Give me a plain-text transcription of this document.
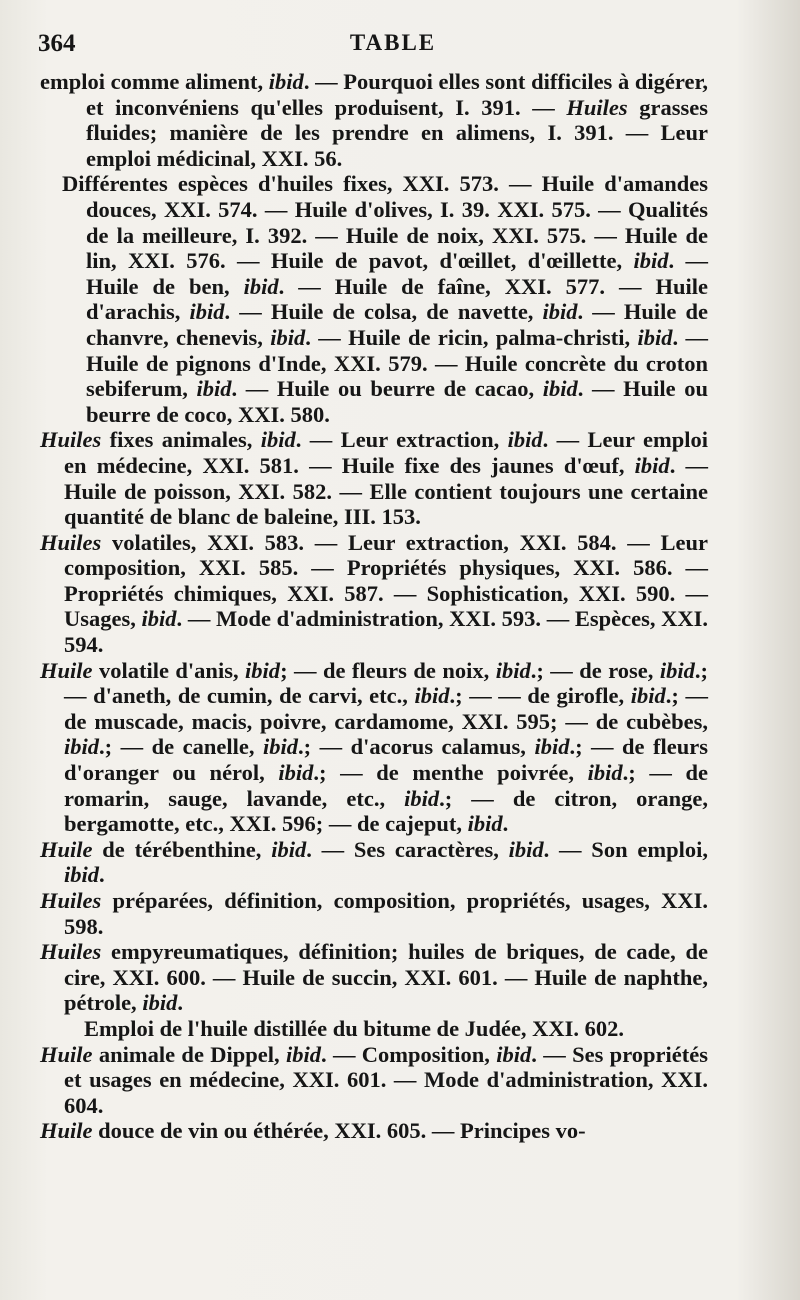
364	TABLE

emploi comme aliment, ibid. — Pourquoi elles sont difficiles à digérer, et inconvéniens qu'elles produisent, I. 391. — Huiles grasses fluides; manière de les prendre en alimens, I. 391. — Leur emploi médicinal, XXI. 56.

Différentes espèces d'huiles fixes, XXI. 573. — Huile d'amandes douces, XXI. 574. — Huile d'olives, I. 39. XXI. 575. — Qualités de la meilleure, I. 392. — Huile de noix, XXI. 575. — Huile de lin, XXI. 576. — Huile de pavot, d'œillet, d'œillette, ibid. — Huile de ben, ibid. — Huile de faîne, XXI. 577. — Huile d'arachis, ibid. — Huile de colsa, de navette, ibid. — Huile de chanvre, chenevis, ibid. — Huile de ricin, palma-christi, ibid. — Huile de pignons d'Inde, XXI. 579. — Huile concrète du croton sebiferum, ibid. — Huile ou beurre de cacao, ibid. — Huile ou beurre de coco, XXI. 580.

Huiles fixes animales, ibid. — Leur extraction, ibid. — Leur emploi en médecine, XXI. 581. — Huile fixe des jaunes d'œuf, ibid. — Huile de poisson, XXI. 582. — Elle contient toujours une certaine quantité de blanc de baleine, III. 153.

Huiles volatiles, XXI. 583. — Leur extraction, XXI. 584. — Leur composition, XXI. 585. — Propriétés physiques, XXI. 586. — Propriétés chimiques, XXI. 587. — Sophistication, XXI. 590. — Usages, ibid. — Mode d'administration, XXI. 593. — Espèces, XXI. 594.

Huile volatile d'anis, ibid; — de fleurs de noix, ibid.; — de rose, ibid.; — d'aneth, de cumin, de carvi, etc., ibid.; — — de girofle, ibid.; — de muscade, macis, poivre, cardamome, XXI. 595; — de cubèbes, ibid.; — de canelle, ibid.; — d'acorus calamus, ibid.; — de fleurs d'oranger ou nérol, ibid.; — de menthe poivrée, ibid.; — de romarin, sauge, lavande, etc., ibid.; — de citron, orange, bergamotte, etc., XXI. 596; — de cajeput, ibid.

Huile de térébenthine, ibid. — Ses caractères, ibid. — Son emploi, ibid.

Huiles préparées, définition, composition, propriétés, usages, XXI. 598.

Huiles empyreumatiques, définition; huiles de briques, de cade, de cire, XXI. 600. — Huile de succin, XXI. 601. — Huile de naphthe, pétrole, ibid.

Emploi de l'huile distillée du bitume de Judée, XXI. 602.

Huile animale de Dippel, ibid. — Composition, ibid. — Ses propriétés et usages en médecine, XXI. 601. — Mode d'administration, XXI. 604.

Huile douce de vin ou éthérée, XXI. 605. — Principes vo-
